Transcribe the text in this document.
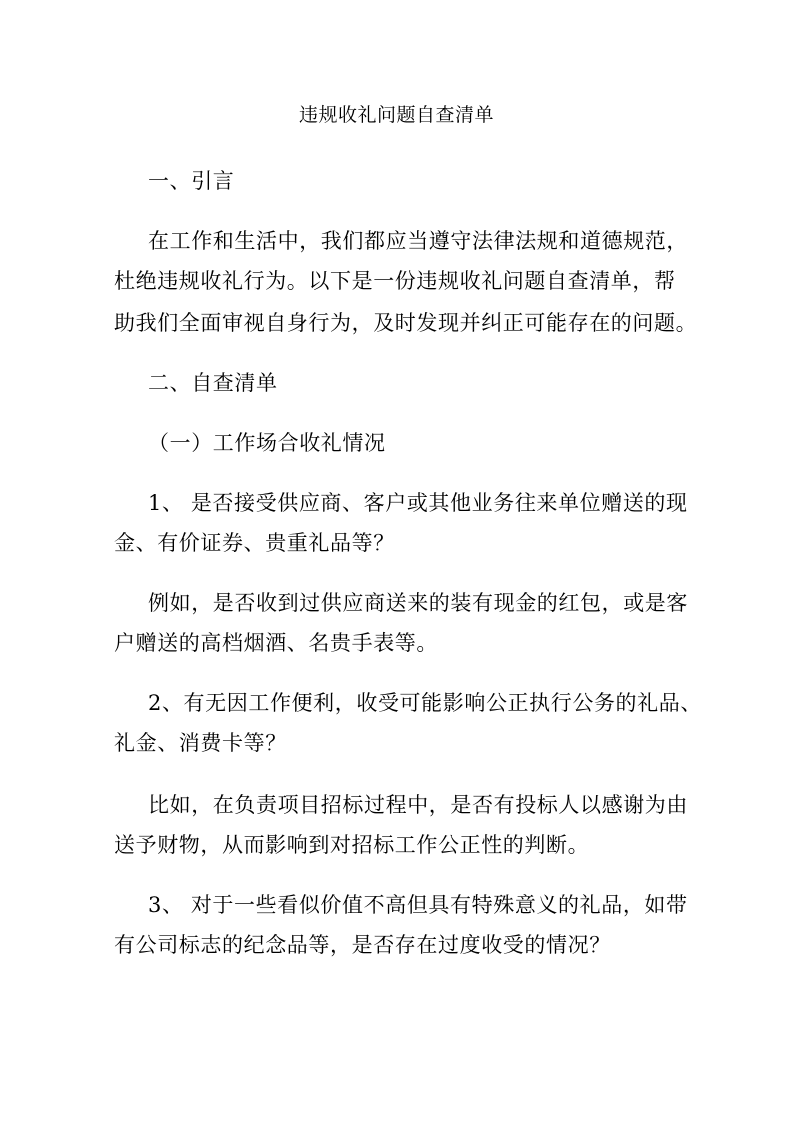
违规收礼问题自查清单
一、引言
在工作和生活中，我们都应当遵守法律法规和道德规范，
杜绝违规收礼行为。以下是一份违规收礼问题自查清单，帮
助我们全面审视自身行为，及时发现并纠正可能存在的问题。
二、自查清单
（一）工作场合收礼情况
1、 是否接受供应商、客户或其他业务往来单位赠送的现
金、有价证券、贵重礼品等？
例如，是否收到过供应商送来的装有现金的红包，或是客
户赠送的高档烟酒、名贵手表等。
2、有无因工作便利，收受可能影响公正执行公务的礼品、
礼金、消费卡等？
比如，在负责项目招标过程中，是否有投标人以感谢为由
送予财物，从而影响到对招标工作公正性的判断。
3、 对于一些看似价值不高但具有特殊意义的礼品，如带
有公司标志的纪念品等，是否存在过度收受的情况？
